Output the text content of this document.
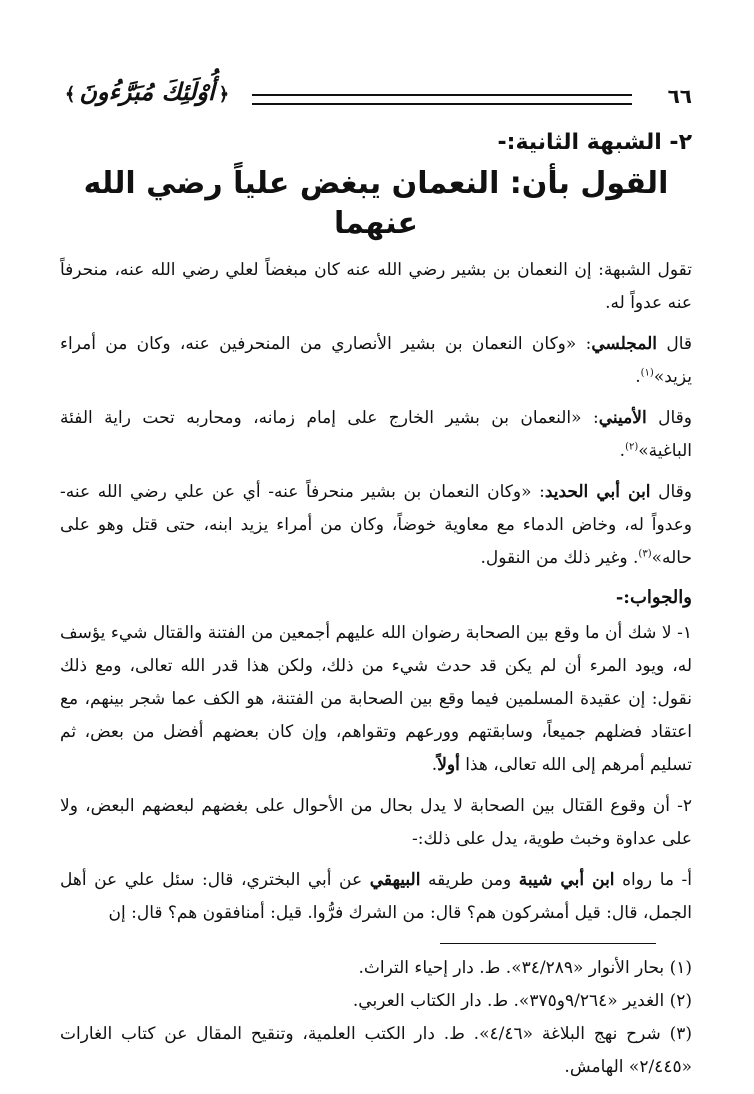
٦٦
﴿أُوْلَئِكَ مُبَرَّءُونَ﴾
٢- الشبهة الثانية:-
القول بأن: النعمان يبغض علياً رضي الله عنهما

تقول الشبهة: إن النعمان بن بشير رضي الله عنه كان مبغضاً لعلي رضي الله عنه، منحرفاً عنه عدواً له.

قال المجلسي: «وكان النعمان بن بشير الأنصاري من المنحرفين عنه، وكان من أمراء يزيد»$^{(١)}$.

وقال الأميني: «النعمان بن بشير الخارج على إمام زمانه، ومحاربه تحت راية الفئة الباغية»$^{(٢)}$.

وقال ابن أبي الحديد: «وكان النعمان بن بشير منحرفاً عنه- أي عن علي رضي الله عنه- وعدواً له، وخاض الدماء مع معاوية خوضاً، وكان من أمراء يزيد ابنه، حتى قتل وهو على حاله»$^{(٣)}$. وغير ذلك من النقول.

والجواب:-

١- لا شك أن ما وقع بين الصحابة رضوان الله عليهم أجمعين من الفتنة والقتال شيء يؤسف له، ويود المرء أن لم يكن قد حدث شيء من ذلك، ولكن هذا قدر الله تعالى، ومع ذلك نقول: إن عقيدة المسلمين فيما وقع بين الصحابة من الفتنة، هو الكف عما شجر بينهم، مع اعتقاد فضلهم جميعاً، وسابقتهم وورعهم وتقواهم، وإن كان بعضهم أفضل من بعض، ثم تسليم أمرهم إلى الله تعالى، هذا أولاً.

٢- أن وقوع القتال بين الصحابة لا يدل بحال من الأحوال على بغضهم لبعضهم البعض، ولا على عداوة وخبث طوية، يدل على ذلك:-

أ- ما رواه ابن أبي شيبة ومن طريقه البيهقي عن أبي البختري، قال: سئل علي عن أهل الجمل، قال: قيل أمشركون هم؟ قال: من الشرك فرُّوا. قيل: أمنافقون هم؟ قال: إن

(١) بحار الأنوار «٣٤/٢٨٩». ط. دار إحياء التراث.

(٢) الغدير «٩/٢٦٤و٣٧٥». ط. دار الكتاب العربي.

(٣) شرح نهج البلاغة «٤/٤٦». ط. دار الكتب العلمية، وتنقيح المقال عن كتاب الغارات «٢/٤٤٥» الهامش.
